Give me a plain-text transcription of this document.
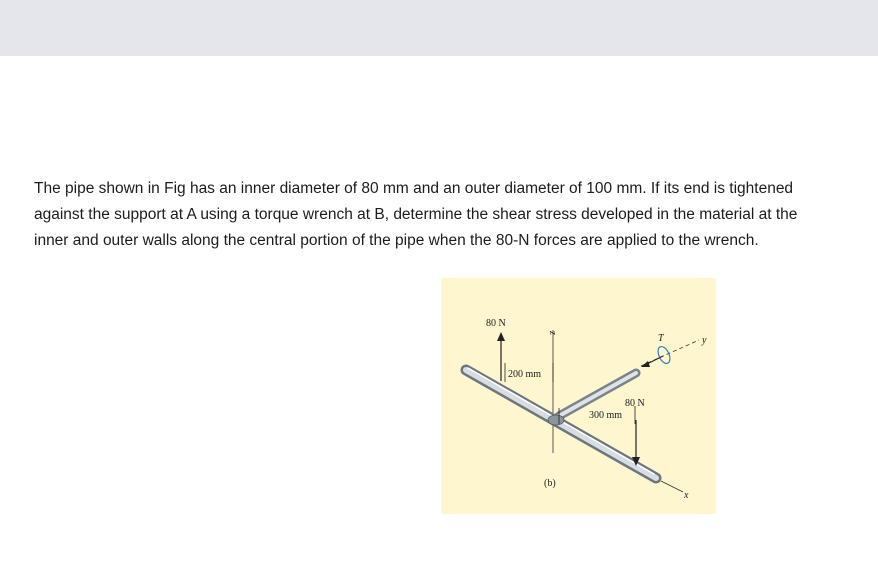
The pipe shown in Fig has an inner diameter of 80 mm and an outer diameter of 100 mm. If its end is tightened against the support at A using a torque wrench at B, determine the shear stress developed in the material at the inner and outer walls along the central portion of the pipe when the 80-N forces are applied to the wrench.

80 N
200 mm
300 mm
80 N
T	y
z
x
(b)
